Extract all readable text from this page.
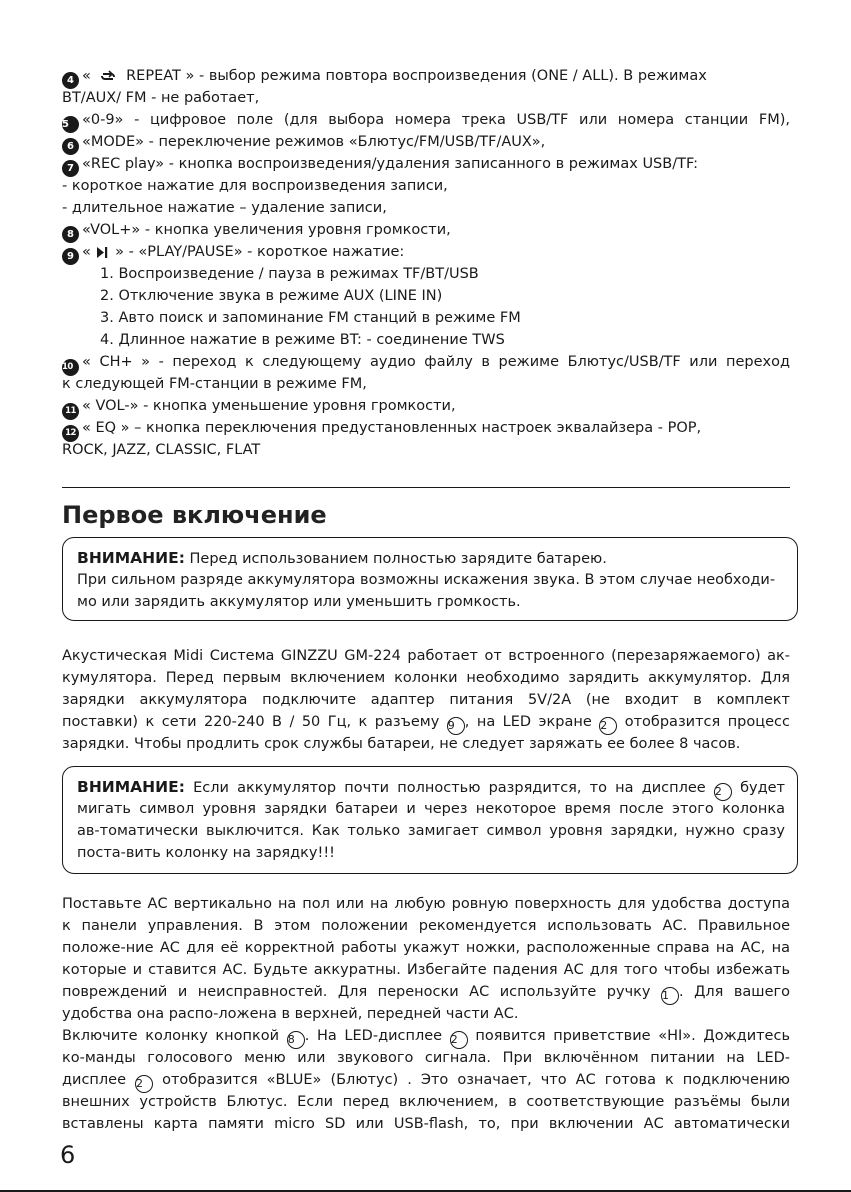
4 «  REPEAT » - выбор режима повтора воспроизведения (ONE / ALL). В режимах
BT/AUX/ FM - не работает,
5 «0-9» - цифровое поле (для выбора номера трека USB/TF или номера станции FM),
6 «MODE» - переключение режимов «Блютус/FM/USB/TF/AUX»,
7 «REC play» - кнопка воспроизведения/удаления записанного в режимах USB/TF:
- короткое нажатие для воспроизведения записи,
- длительное нажатие – удаление записи,
8 «VOL+» - кнопка увеличения уровня громкости,
9 «  » - «PLAY/PAUSE» - короткое нажатие:
1. Воспроизведение / пауза в режимах TF/BT/USB
2. Отключение звука в режиме AUX (LINE IN)
3. Авто поиск и запоминание FM станций в режиме FM
4. Длинное нажатие в режиме BT: - соединение TWS
10 « CH+ » - переход к следующему аудио файлу в режиме Блютус/USB/TF или переход
к следующей FM-станции в режиме FM,
11 « VOL-» - кнопка уменьшение уровня громкости,
12 « EQ » – кнопка переключения предустановленных настроек эквалайзера - POP,
ROCK, JAZZ, CLASSIC, FLAT
Первое включение
ВНИМАНИЕ: Перед использованием полностью зарядите батарею.
При сильном разряде аккумулятора возможны искажения звука. В этом случае необходи-
мо или зарядить аккумулятор или уменьшить громкость.
Акустическая Midi Система GINZZU GM-224 работает от встроенного (перезаряжаемого) ак-
кумулятора. Перед первым включением колонки необходимо зарядить аккумулятор. Для
зарядки аккумулятора подключите адаптер питания 5V/2A (не входит в комплект
поставки) к сети 220-240 В / 50 Гц, к разъему 9 , на LED экране 2 отобразится процесс
зарядки. Чтобы продлить срок службы батареи, не следует заряжать ее более 8 часов.
ВНИМАНИЕ: Если аккумулятор почти полностью разрядится, то на дисплее 2 будет
мигать символ уровня зарядки батареи и через некоторое время после этого колонка
ав-томатически выключится. Как только замигает символ уровня зарядки, нужно сразу
поста-вить колонку на зарядку!!!
Поставьте АС вертикально на пол или на любую ровную поверхность для удобства доступа
к панели управления. В этом положении рекомендуется использовать АС. Правильное
положе-ние АС для её корректной работы укажут ножки, расположенные справа на АС, на
которые и ставится АС. Будьте аккуратны. Избегайте падения АС для того чтобы избежать
повреждений и неисправностей. Для переноски АС используйте ручку 1 . Для вашего
удобства она распо-ложена в верхней, передней части АС.
Включите колонку кнопкой 8 . На LED-дисплее 2 появится приветствие «HI». Дождитесь
ко-манды голосового меню или звукового сигнала. При включённом питании на LED-
дисплее 2 отобразится «BLUE» (Блютус) . Это означает, что АС готова к подключению
внешних устройств Блютус. Если перед включением, в соответствующие разъёмы были
вставлены карта памяти micro SD или USB-flash, то, при включении АС автоматически
6
